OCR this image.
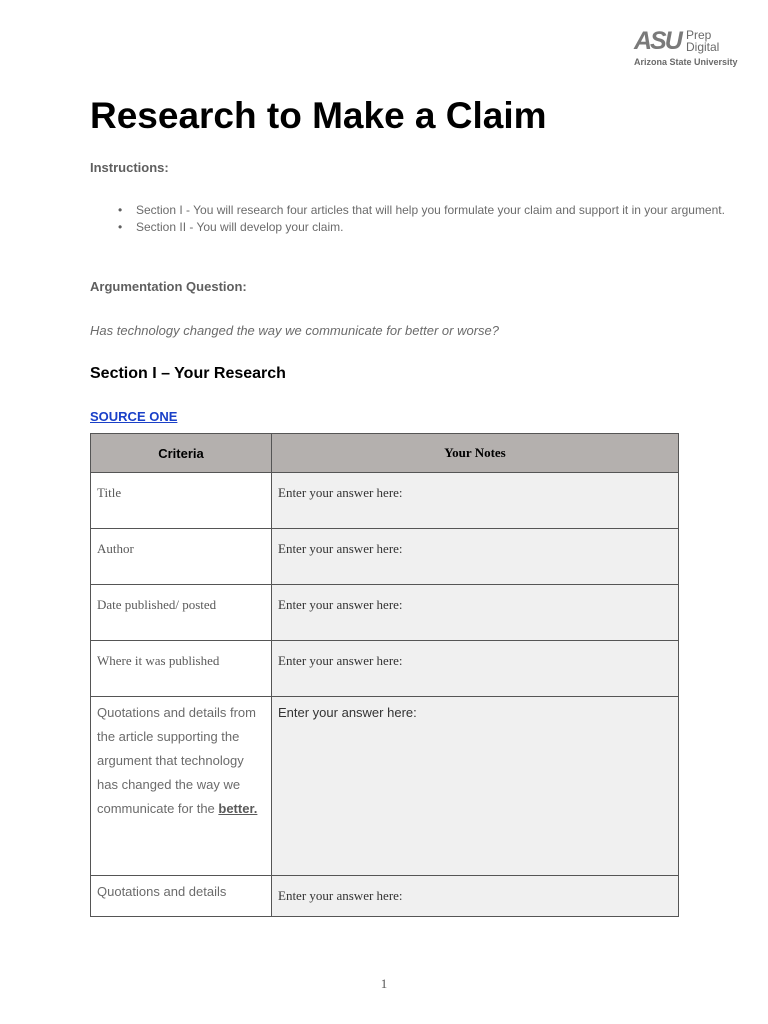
ASU Prep
Digital
Arizona State University
Research to Make a Claim

Instructions:

• Section I - You will research four articles that will help you formulate your claim and support it in your argument.
• Section II - You will develop your claim.

Argumentation Question:

Has technology changed the way we communicate for better or worse?

Section I – Your Research
SOURCE ONE
Criteria	Your Notes
Title	Enter your answer here:
Author	Enter your answer here:
Date published/ posted	Enter your answer here:
Where it was published	Enter your answer here:
Quotations and details from the article supporting the argument that technology has changed the way we communicate for the better.	Enter your answer here:
Quotations and details	Enter your answer here:
1
